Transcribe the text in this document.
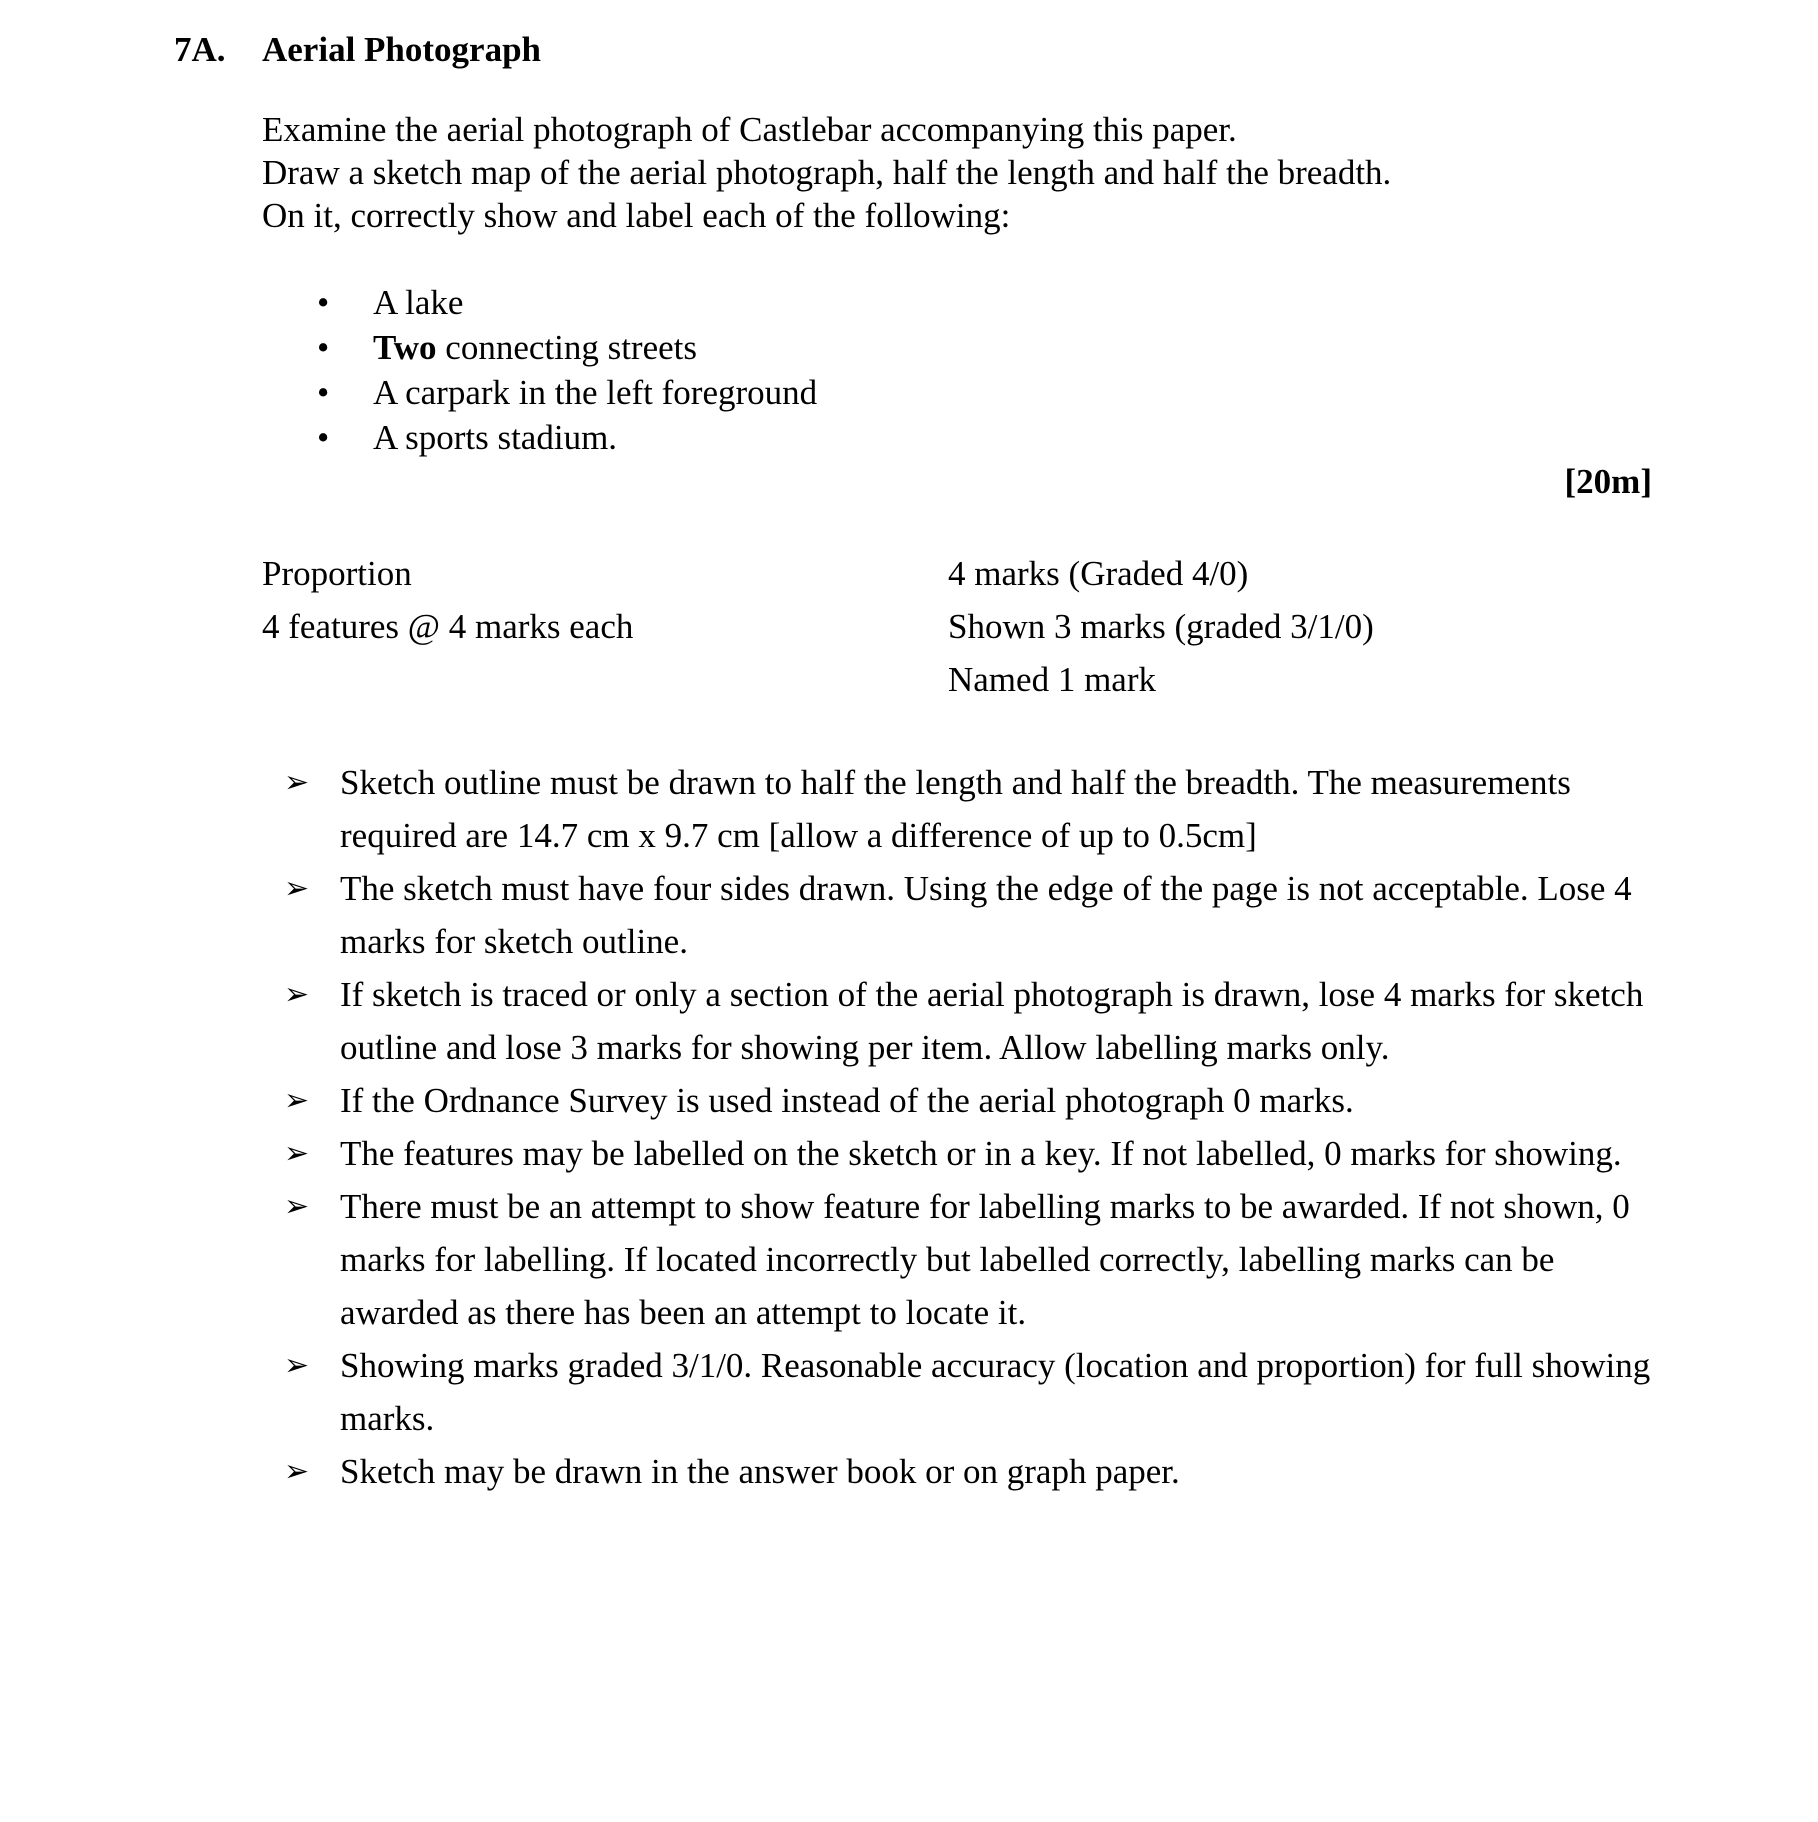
7A. Aerial Photograph
Examine the aerial photograph of Castlebar accompanying this paper.
Draw a sketch map of the aerial photograph, half the length and half the breadth.
On it, correctly show and label each of the following:
• A lake
• Two connecting streets
• A carpark in the left foreground
• A sports stadium.
[20m]
Proportion	4 marks (Graded 4/0)
4 features @ 4 marks each	Shown 3 marks (graded 3/1/0)
Named 1 mark
➢ Sketch outline must be drawn to half the length and half the breadth. The measurements required are 14.7 cm x 9.7 cm [allow a difference of up to 0.5cm]
➢ The sketch must have four sides drawn. Using the edge of the page is not acceptable. Lose 4 marks for sketch outline.
➢ If sketch is traced or only a section of the aerial photograph is drawn, lose 4 marks for sketch outline and lose 3 marks for showing per item. Allow labelling marks only.
➢ If the Ordnance Survey is used instead of the aerial photograph 0 marks.
➢ The features may be labelled on the sketch or in a key. If not labelled, 0 marks for showing.
➢ There must be an attempt to show feature for labelling marks to be awarded. If not shown, 0 marks for labelling. If located incorrectly but labelled correctly, labelling marks can be awarded as there has been an attempt to locate it.
➢ Showing marks graded 3/1/0. Reasonable accuracy (location and proportion) for full showing marks.
➢ Sketch may be drawn in the answer book or on graph paper.
